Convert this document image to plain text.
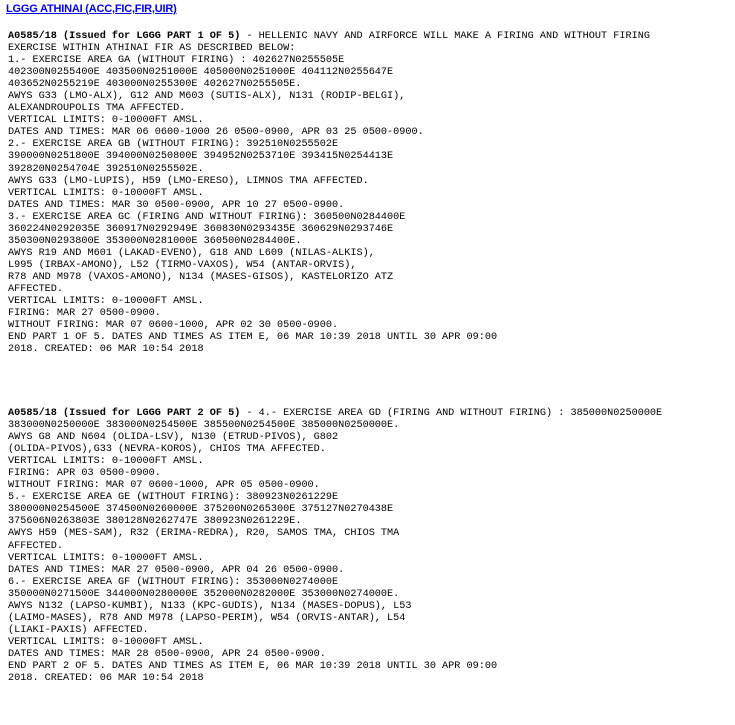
LGGG ATHINAI (ACC,FIC,FIR,UIR)
A0585/18 (Issued for LGGG PART 1 OF 5) - HELLENIC NAVY AND AIRFORCE WILL MAKE A FIRING AND WITHOUT FIRING
EXERCISE WITHIN ATHINAI FIR AS DESCRIBED BELOW:
1.- EXERCISE AREA GA (WITHOUT FIRING) : 402627N0255505E
402300N0255400E 403500N0251000E 405000N0251000E 404112N0255647E
403652N0255219E 403000N0255300E 402627N0255505E.
AWYS G33 (LMO-ALX), G12 AND M603 (SUTIS-ALX), N131 (RODIP-BELGI),
ALEXANDROUPOLIS TMA AFFECTED.
VERTICAL LIMITS: 0-10000FT AMSL.
DATES AND TIMES: MAR 06 0600-1000 26 0500-0900, APR 03 25 0500-0900.
2.- EXERCISE AREA GB (WITHOUT FIRING): 392510N0255502E
390000N0251800E 394000N0250800E 394952N0253710E 393415N0254413E
392820N0254704E 392510N0255502E.
AWYS G33 (LMO-LUPIS), H59 (LMO-ERESO), LIMNOS TMA AFFECTED.
VERTICAL LIMITS: 0-10000FT AMSL.
DATES AND TIMES: MAR 30 0500-0900, APR 10 27 0500-0900.
3.- EXERCISE AREA GC (FIRING AND WITHOUT FIRING): 360500N0284400E
360224N0292035E 360917N0292949E 360830N0293435E 360629N0293746E
350300N0293800E 353000N0281000E 360500N0284400E.
AWYS R19 AND M601 (LAKAD-EVENO), G18 AND L609 (NILAS-ALKIS),
L995 (IRBAX-AMONO), L52 (TIRMO-VAXOS), W54 (ANTAR-ORVIS),
R78 AND M978 (VAXOS-AMONO), N134 (MASES-GISOS), KASTELORIZO ATZ
AFFECTED.
VERTICAL LIMITS: 0-10000FT AMSL.
FIRING: MAR 27 0500-0900.
WITHOUT FIRING: MAR 07 0600-1000, APR 02 30 0500-0900.
END PART 1 OF 5. DATES AND TIMES AS ITEM E, 06 MAR 10:39 2018 UNTIL 30 APR 09:00
2018. CREATED: 06 MAR 10:54 2018
A0585/18 (Issued for LGGG PART 2 OF 5) - 4.- EXERCISE AREA GD (FIRING AND WITHOUT FIRING) : 385000N0250000E
383000N0250000E 383000N0254500E 385500N0254500E 385000N0250000E.
AWYS G8 AND N604 (OLIDA-LSV), N130 (ETRUD-PIVOS), G802
(OLIDA-PIVOS),G33 (NEVRA-KOROS), CHIOS TMA AFFECTED.
VERTICAL LIMITS: 0-10000FT AMSL.
FIRING: APR 03 0500-0900.
WITHOUT FIRING: MAR 07 0600-1000, APR 05 0500-0900.
5.- EXERCISE AREA GE (WITHOUT FIRING): 380923N0261229E
380000N0254500E 374500N0260000E 375200N0265300E 375127N0270438E
375606N0263803E 380128N0262747E 380923N0261229E.
AWYS H59 (MES-SAM), R32 (ERIMA-REDRA), R20, SAMOS TMA, CHIOS TMA
AFFECTED.
VERTICAL LIMITS: 0-10000FT AMSL.
DATES AND TIMES: MAR 27 0500-0900, APR 04 26 0500-0900.
6.- EXERCISE AREA GF (WITHOUT FIRING): 353000N0274000E
350000N0271500E 344000N0280000E 352000N0282000E 353000N0274000E.
AWYS N132 (LAPSO-KUMBI), N133 (KPC-GUDIS), N134 (MASES-DOPUS), L53
(LAIMO-MASES), R78 AND M978 (LAPSO-PERIM), W54 (ORVIS-ANTAR), L54
(LIAKI-PAXIS) AFFECTED.
VERTICAL LIMITS: 0-10000FT AMSL.
DATES AND TIMES: MAR 28 0500-0900, APR 24 0500-0900.
END PART 2 OF 5. DATES AND TIMES AS ITEM E, 06 MAR 10:39 2018 UNTIL 30 APR 09:00
2018. CREATED: 06 MAR 10:54 2018
